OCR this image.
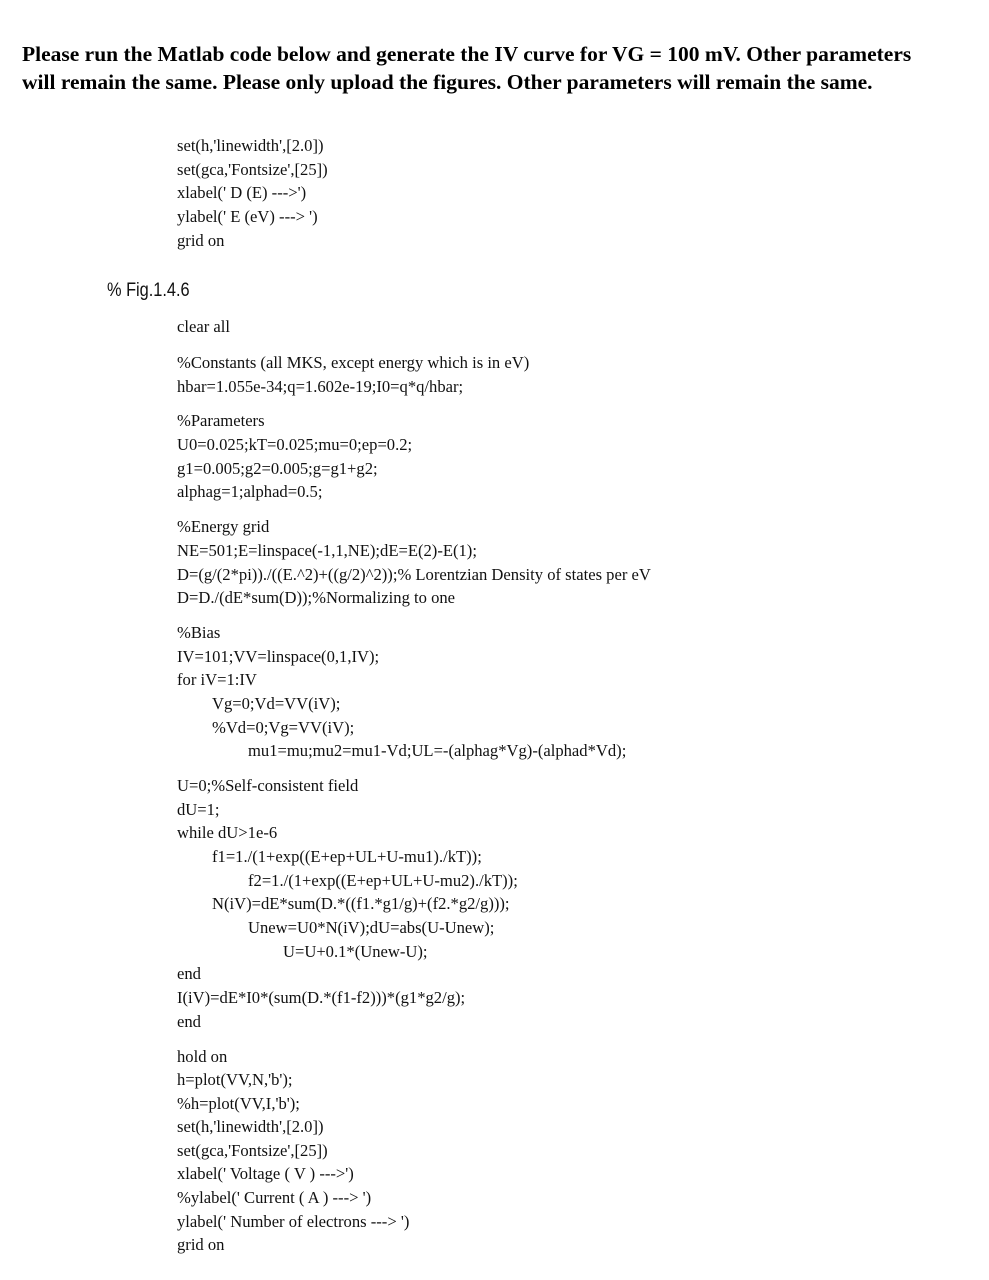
Please run the Matlab code below and generate the IV curve for VG = 100 mV. Other parameters
will remain the same. Please only upload the figures. Other parameters will remain the same.
set(h,'linewidth',[2.0])
set(gca,'Fontsize',[25])
xlabel(' D (E) --->')
ylabel(' E (eV) ---> ')
grid on
% Fig.1.4.6
clear all
%Constants (all MKS, except energy which is in eV)
hbar=1.055e-34;q=1.602e-19;I0=q*q/hbar;
%Parameters
U0=0.025;kT=0.025;mu=0;ep=0.2;
g1=0.005;g2=0.005;g=g1+g2;
alphag=1;alphad=0.5;
%Energy grid
NE=501;E=linspace(-1,1,NE);dE=E(2)-E(1);
D=(g/(2*pi))./((E.^2)+((g/2)^2));% Lorentzian Density of states per eV
D=D./(dE*sum(D));%Normalizing to one
%Bias
IV=101;VV=linspace(0,1,IV);
for iV=1:IV
Vg=0;Vd=VV(iV);
%Vd=0;Vg=VV(iV);
mu1=mu;mu2=mu1-Vd;UL=-(alphag*Vg)-(alphad*Vd);
U=0;%Self-consistent field
dU=1;
while dU>1e-6
f1=1./(1+exp((E+ep+UL+U-mu1)./kT));
f2=1./(1+exp((E+ep+UL+U-mu2)./kT));
N(iV)=dE*sum(D.*((f1.*g1/g)+(f2.*g2/g)));
Unew=U0*N(iV);dU=abs(U-Unew);
U=U+0.1*(Unew-U);
end
I(iV)=dE*I0*(sum(D.*(f1-f2)))*(g1*g2/g);
end
hold on
h=plot(VV,N,'b');
%h=plot(VV,I,'b');
set(h,'linewidth',[2.0])
set(gca,'Fontsize',[25])
xlabel(' Voltage ( V ) --->')
%ylabel(' Current ( A ) ---> ')
ylabel(' Number of electrons ---> ')
grid on
